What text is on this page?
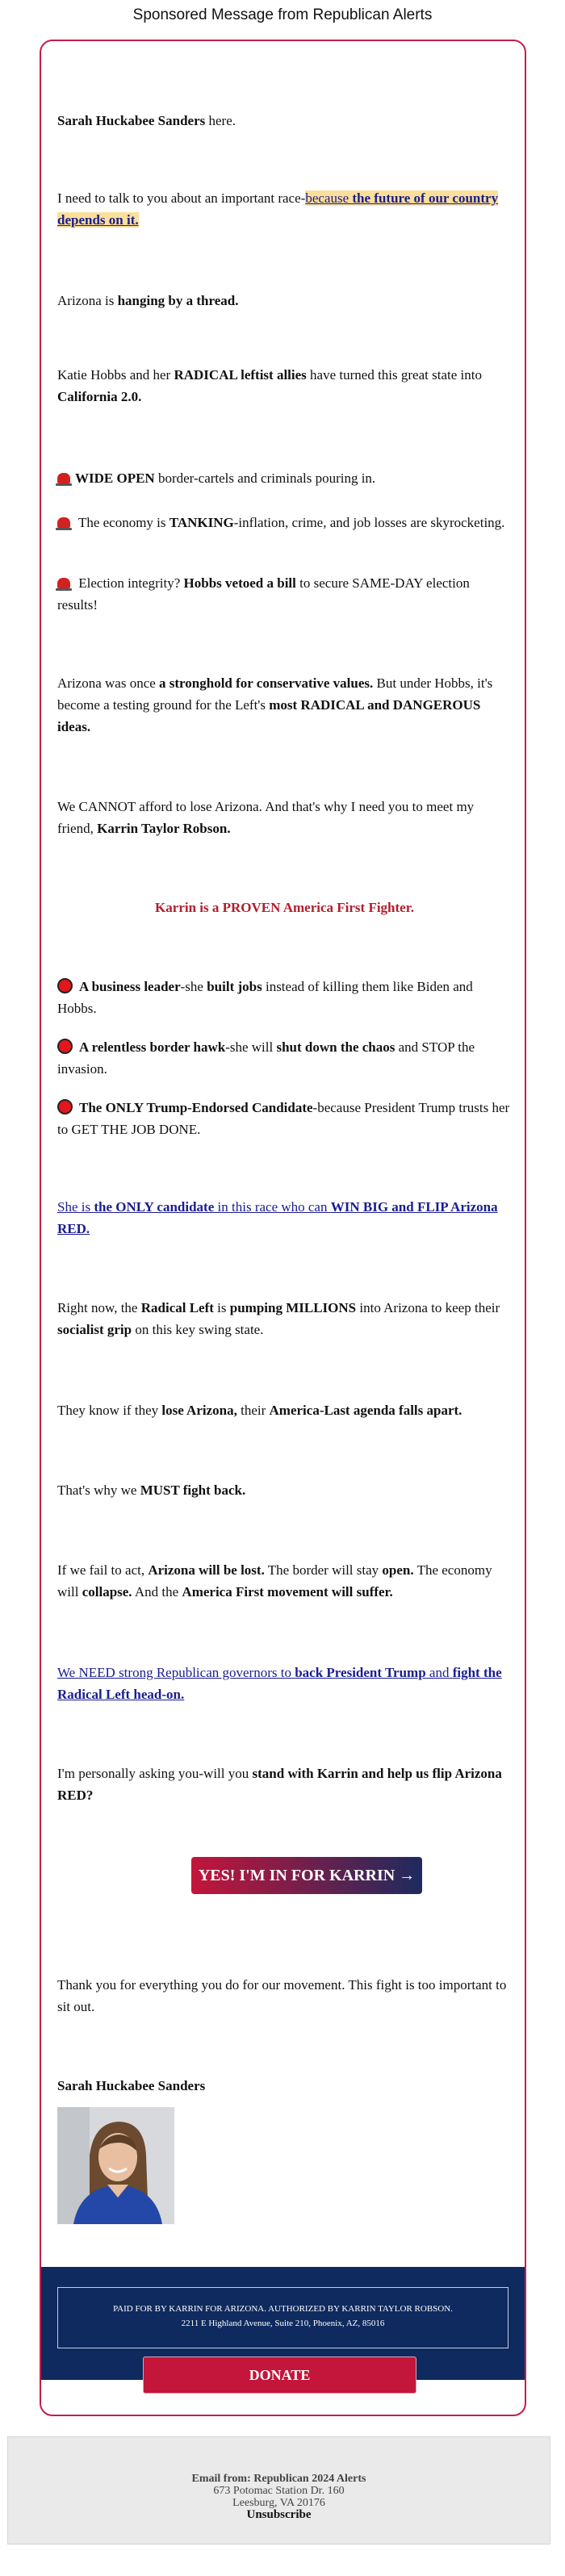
Sponsored Message from Republican Alerts

Sarah Huckabee Sanders here.

I need to talk to you about an important race-because the future of our country depends on it.

Arizona is hanging by a thread.

Katie Hobbs and her RADICAL leftist allies have turned this great state into California 2.0.

WIDE OPEN border-cartels and criminals pouring in.

The economy is TANKING-inflation, crime, and job losses are skyrocketing.

Election integrity? Hobbs vetoed a bill to secure SAME-DAY election results!

Arizona was once a stronghold for conservative values. But under Hobbs, it's become a testing ground for the Left's most RADICAL and DANGEROUS ideas.

We CANNOT afford to lose Arizona. And that's why I need you to meet my friend, Karrin Taylor Robson.

Karrin is a PROVEN America First Fighter.

A business leader-she built jobs instead of killing them like Biden and Hobbs.

A relentless border hawk-she will shut down the chaos and STOP the invasion.

The ONLY Trump-Endorsed Candidate-because President Trump trusts her to GET THE JOB DONE.

She is the ONLY candidate in this race who can WIN BIG and FLIP Arizona RED.

Right now, the Radical Left is pumping MILLIONS into Arizona to keep their socialist grip on this key swing state.

They know if they lose Arizona, their America-Last agenda falls apart.

That's why we MUST fight back.

If we fail to act, Arizona will be lost. The border will stay open. The economy will collapse. And the America First movement will suffer.

We NEED strong Republican governors to back President Trump and fight the Radical Left head-on.

I'm personally asking you-will you stand with Karrin and help us flip Arizona RED?

YES! I'M IN FOR KARRIN →

Thank you for everything you do for our movement. This fight is too important to sit out.

Sarah Huckabee Sanders

PAID FOR BY KARRIN FOR ARIZONA. AUTHORIZED BY KARRIN TAYLOR ROBSON.
2211 E Highland Avenue, Suite 210, Phoenix, AZ, 85016
DONATE
Email from: Republican 2024 Alerts
673 Potomac Station Dr. 160
Leesburg, VA 20176
Unsubscribe
